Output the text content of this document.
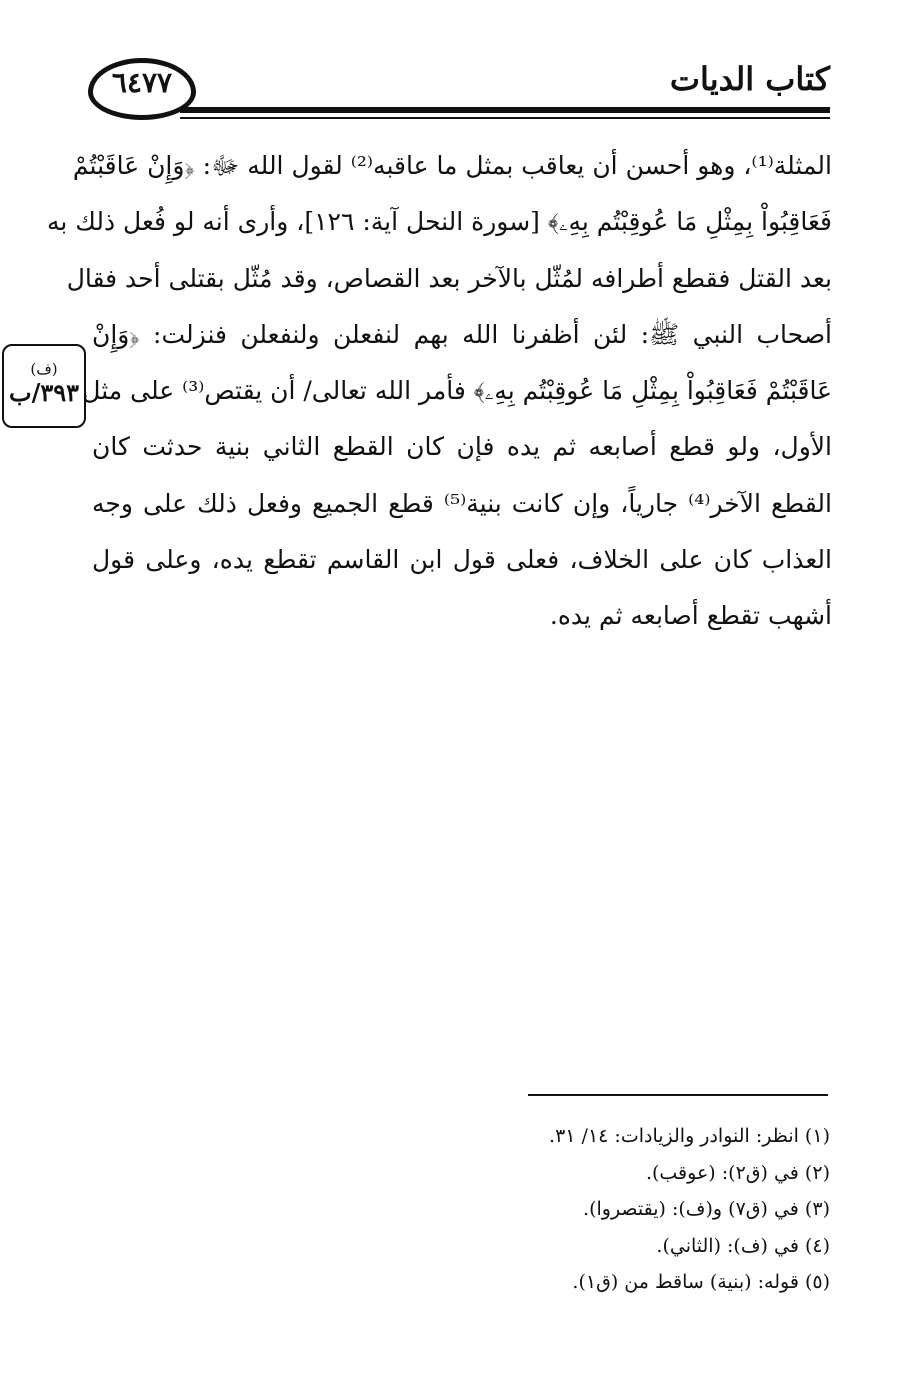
٦٤٧٧	كتاب الديات
(ف)
٣٩٣/ب
المثلة⁽¹⁾، وهو أحسن أن يعاقب بمثل ما عاقبه⁽²⁾ لقول الله ﷻ: ﴿وَإِنْ عَاقَبْتُمْ
فَعَاقِبُواْ بِمِثْلِ مَا عُوقِبْتُم بِهِۦ﴾ [سورة النحل آية: ١٢٦]، وأرى أنه لو فُعل ذلك به
بعد القتل فقطع أطرافه لمُثّل بالآخر بعد القصاص، وقد مُثّل بقتلى أحد فقال
أصحاب النبي ﷺ: لئن أظفرنا الله بهم لنفعلن ولنفعلن فنزلت: ﴿وَإِنْ
عَاقَبْتُمْ فَعَاقِبُواْ بِمِثْلِ مَا عُوقِبْتُم بِهِۦ﴾ فأمر الله تعالى/ أن يقتص⁽³⁾ على مثل
الأول، ولو قطع أصابعه ثم يده فإن كان القطع الثاني بنية حدثت كان
القطع الآخر⁽⁴⁾ جارياً، وإن كانت بنية⁽⁵⁾ قطع الجميع وفعل ذلك على وجه
العذاب كان على الخلاف، فعلى قول ابن القاسم تقطع يده، وعلى قول
أشهب تقطع أصابعه ثم يده.
(١) انظر: النوادر والزيادات: ١٤/ ٣١.
(٢) في (ق٢): (عوقب).
(٣) في (ق٧) و(ف): (يقتصروا).
(٤) في (ف): (الثاني).
(٥) قوله: (بنية) ساقط من (ق١).
